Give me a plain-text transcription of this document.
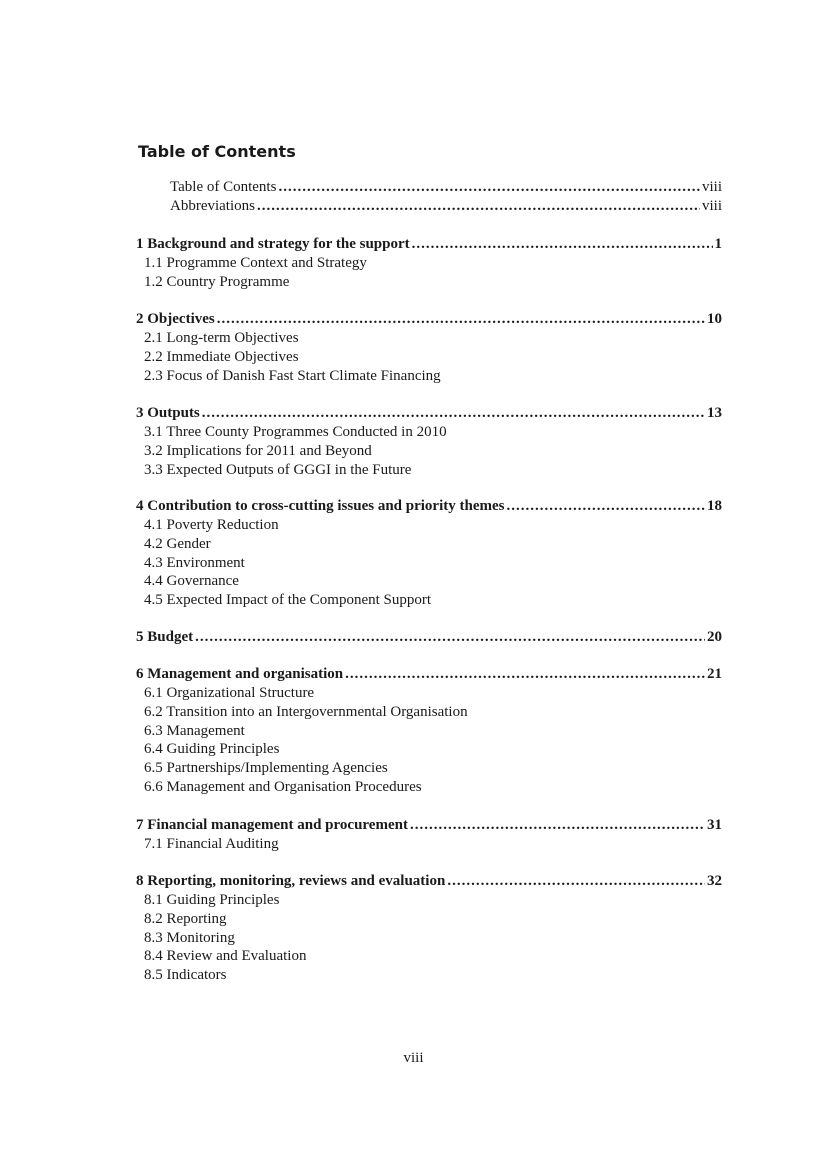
Table of Contents
Table of Contents .....	viii
Abbreviations .....	viii
1 Background and strategy for the support .....	1

1.1 Programme Context and Strategy

1.2 Country Programme

2 Objectives .....	10

2.1 Long-term Objectives

2.2 Immediate Objectives

2.3 Focus of Danish Fast Start Climate Financing

3 Outputs .....	13

3.1 Three County Programmes Conducted in 2010

3.2 Implications for 2011 and Beyond

3.3 Expected Outputs of GGGI in the Future

4 Contribution to cross-cutting issues and priority themes .....	18

4.1 Poverty Reduction

4.2 Gender

4.3 Environment

4.4 Governance

4.5 Expected Impact of the Component Support

5 Budget .....	20
6 Management and organisation .....	21

6.1 Organizational Structure

6.2 Transition into an Intergovernmental Organisation

6.3 Management

6.4 Guiding Principles

6.5 Partnerships/Implementing Agencies

6.6 Management and Organisation Procedures

7 Financial management and procurement .....	31

7.1 Financial Auditing

8 Reporting, monitoring, reviews and evaluation .....	32

8.1 Guiding Principles

8.2 Reporting

8.3 Monitoring

8.4 Review and Evaluation

8.5 Indicators

viii
